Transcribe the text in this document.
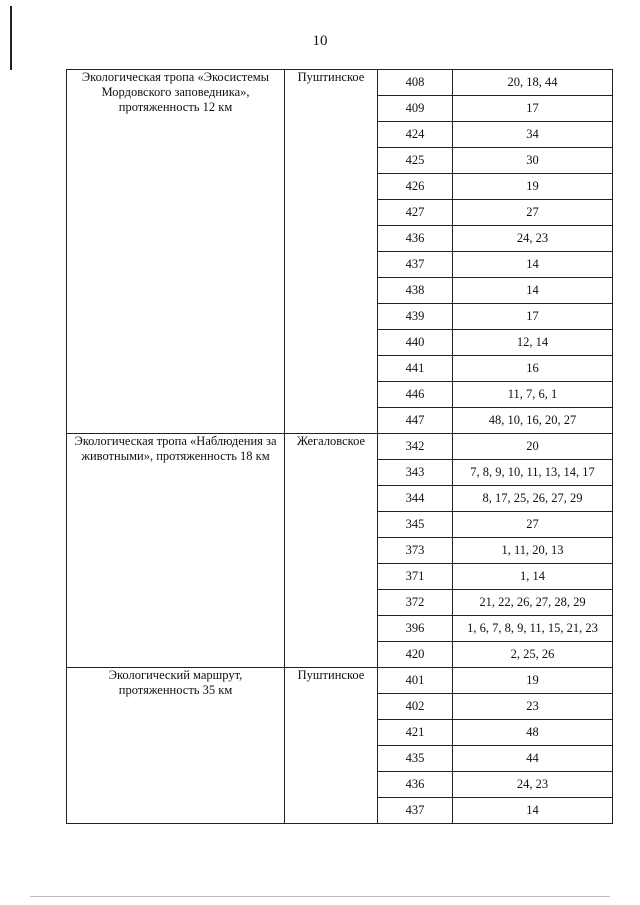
10
Экологическая тропа «Экосистемы Мордовского заповедника», протяженность 12 км	Пуштинское	408	20, 18, 44
		409	17
		424	34
		425	30
		426	19
		427	27
		436	24, 23
		437	14
		438	14
		439	17
		440	12, 14
		441	16
		446	11, 7, 6, 1
		447	48, 10, 16, 20, 27
Экологическая тропа «Наблюдения за животными», протяженность 18 км	Жегаловское	342	20
		343	7, 8, 9, 10, 11, 13, 14, 17
		344	8, 17, 25, 26, 27, 29
		345	27
		373	1, 11, 20, 13
		371	1, 14
		372	21, 22, 26, 27, 28, 29
		396	1, 6, 7, 8, 9, 11, 15, 21, 23
		420	2, 25, 26
Экологический маршрут, протяженность 35 км	Пуштинское	401	19
		402	23
		421	48
		435	44
		436	24, 23
		437	14
